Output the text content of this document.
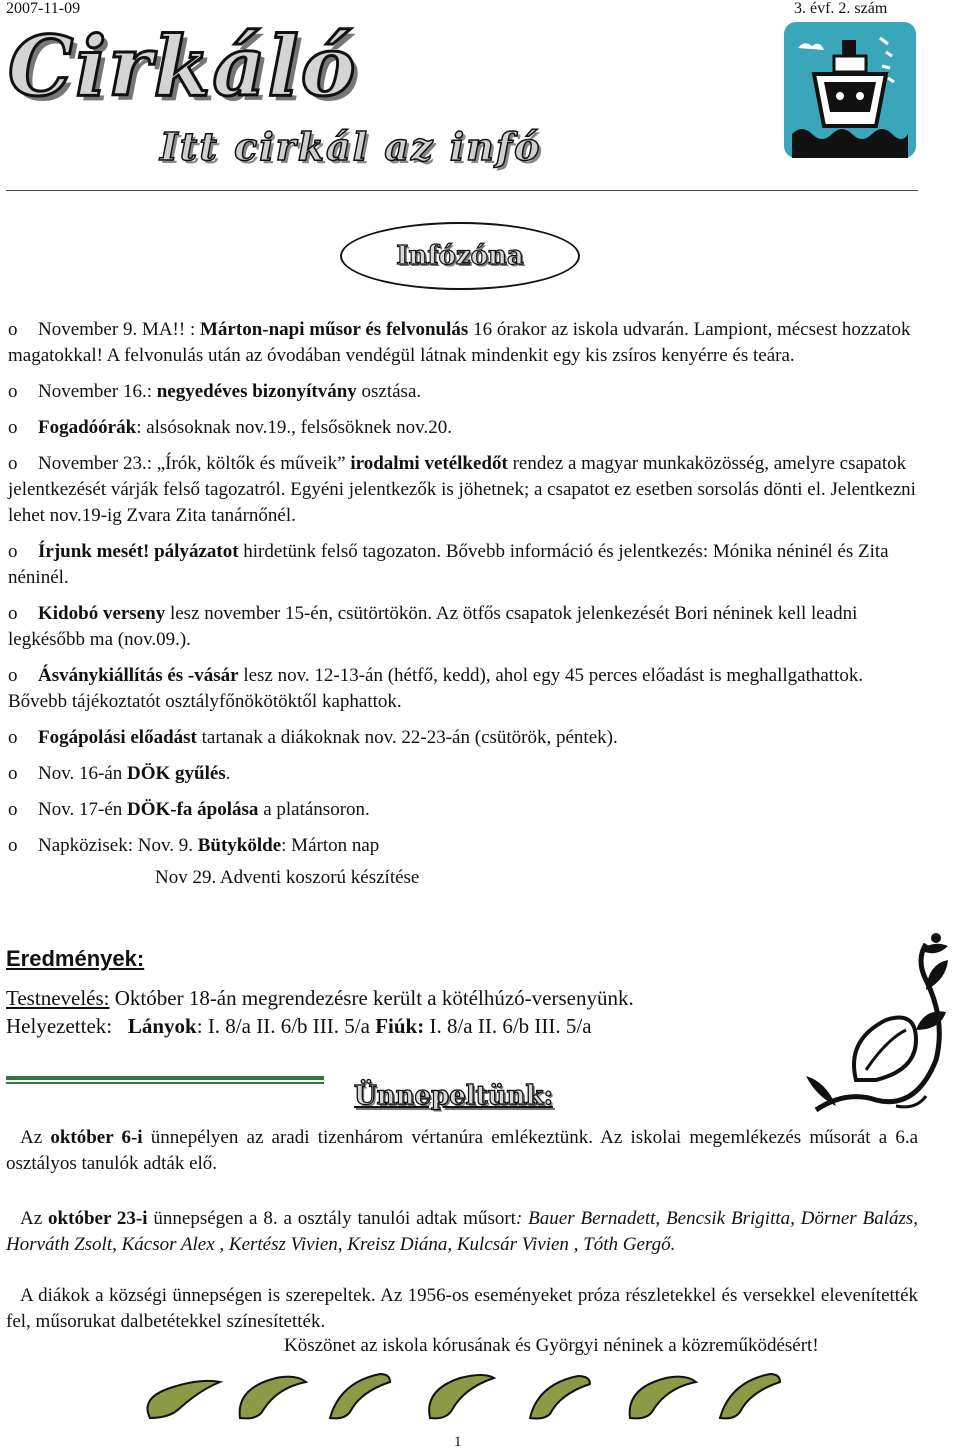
2007-11-09	3. évf. 2. szám
Cirkáló
Itt cirkál az infó
Infózóna
o November 9. MA!! : Márton-napi műsor és felvonulás 16 órakor az iskola udvarán. Lampiont, mécsest hozzatok magatokkal! A felvonulás után az óvodában vendégül látnak mindenkit egy kis zsíros kenyérre és teára.
o November 16.: negyedéves bizonyítvány osztása.
o Fogadóórák: alsósoknak nov.19., felsősöknek nov.20.
o November 23.: „Írók, költők és műveik” irodalmi vetélkedőt rendez a magyar munkaközösség, amelyre csapatok jelentkezését várják felső tagozatról. Egyéni jelentkezők is jöhetnek; a csapatot ez esetben sorsolás dönti el. Jelentkezni lehet nov.19-ig Zvara Zita tanárnőnél.
o Írjunk mesét! pályázatot hirdetünk felső tagozaton. Bővebb információ és jelentkezés: Mónika néninél és Zita néninél.
o Kidobó verseny lesz november 15-én, csütörtökön. Az ötfős csapatok jelenkezését Bori néninek kell leadni legkésőbb ma (nov.09.).
o Ásványkiállítás és -vásár lesz nov. 12-13-án (hétfő, kedd), ahol egy 45 perces előadást is meghallgathattok. Bővebb tájékoztatót osztályfőnökötöktől kaphattok.
o Fogápolási előadást tartanak a diákoknak nov. 22-23-án (csütörök, péntek).
o Nov. 16-án DÖK gyűlés.
o Nov. 17-én DÖK-fa ápolása a platánsoron.
o Napközisek: Nov. 9. Bütykölde: Márton nap
Nov 29. Adventi koszorú készítése
Eredmények:
Testnevelés: Október 18-án megrendezésre került a kötélhúzó-versenyünk.
Helyezettek: Lányok: I. 8/a II. 6/b III. 5/a Fiúk: I. 8/a II. 6/b III. 5/a
Ünnepeltünk:
Az október 6-i ünnepélyen az aradi tizenhárom vértanúra emlékeztünk. Az iskolai megemlékezés műsorát a 6.a osztályos tanulók adták elő.
Az október 23-i ünnepségen a 8. a osztály tanulói adtak műsort: Bauer Bernadett, Bencsik Brigitta, Dörner Balázs, Horváth Zsolt, Kácsor Alex , Kertész Vivien, Kreisz Diána, Kulcsár Vivien , Tóth Gergő.
A diákok a községi ünnepségen is szerepeltek. Az 1956-os eseményeket próza részletekkel és versekkel elevenítették fel, műsorukat dalbetétekkel színesítették.
Köszönet az iskola kórusának és Györgyi néninek a közreműködésért!
1
